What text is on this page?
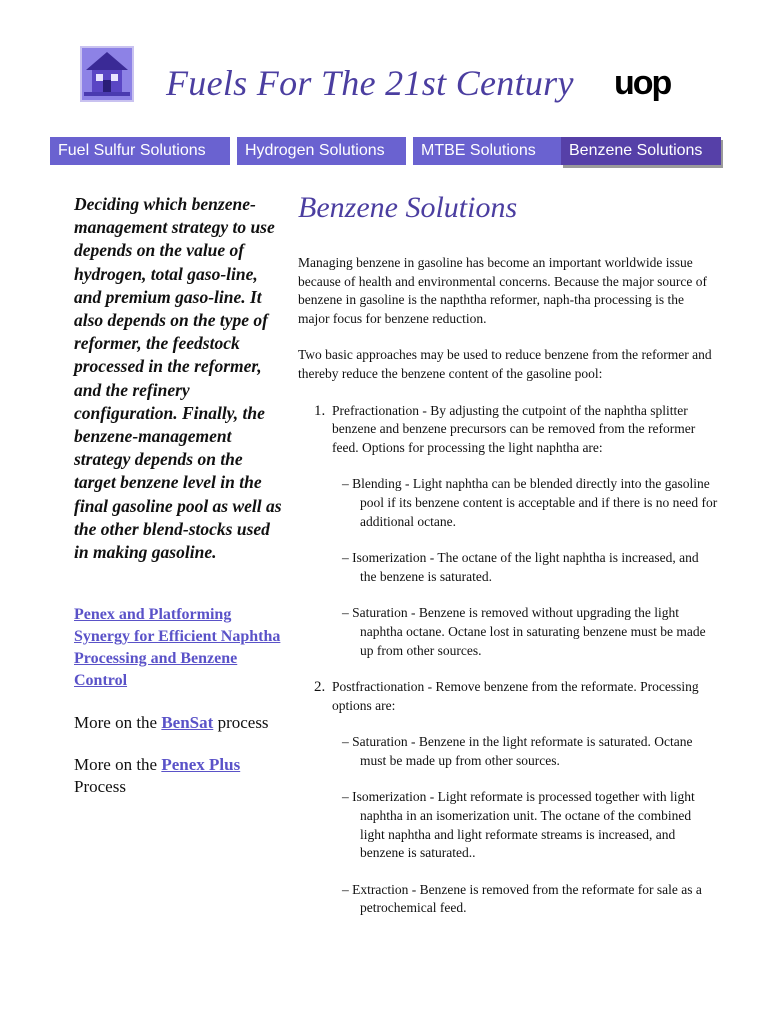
Fuels For The 21st Century uop
Fuel Sulfur Solutions	Hydrogen Solutions	MTBE Solutions	Benzene Solutions

Deciding which benzene-management strategy to use depends on the value of hydrogen, total gaso-line, and premium gaso-line. It also depends on the type of reformer, the feedstock processed in the reformer, and the refinery configuration. Finally, the benzene-management strategy depends on the target benzene level in the final gasoline pool as well as the other blend-stocks used in making gasoline.

Penex and Platforming Synergy for Efficient Naphtha Processing and Benzene Control
More on the BenSat process
More on the Penex Plus Process
Benzene Solutions

Managing benzene in gasoline has become an important worldwide issue because of health and environmental concerns. Because the major source of benzene in gasoline is the napththa reformer, naph-tha processing is the major focus for benzene reduction.

Two basic approaches may be used to reduce benzene from the reformer and thereby reduce the benzene content of the gasoline pool:

1. Prefractionation - By adjusting the cutpoint of the naphtha splitter benzene and benzene precursors can be removed from the reformer feed. Options for processing the light naphtha are:
– Blending - Light naphtha can be blended directly into the gasoline pool if its benzene content is acceptable and if there is no need for additional octane.
– Isomerization - The octane of the light naphtha is increased, and the benzene is saturated.
– Saturation - Benzene is removed without upgrading the light naphtha octane. Octane lost in saturating benzene must be made up from other sources.
2. Postfractionation - Remove benzene from the reformate. Processing options are:
– Saturation - Benzene in the light reformate is saturated. Octane must be made up from other sources.
– Isomerization - Light reformate is processed together with light naphtha in an isomerization unit. The octane of the combined light naphtha and light reformate streams is increased, and benzene is saturated..
– Extraction - Benzene is removed from the reformate for sale as a petrochemical feed.
